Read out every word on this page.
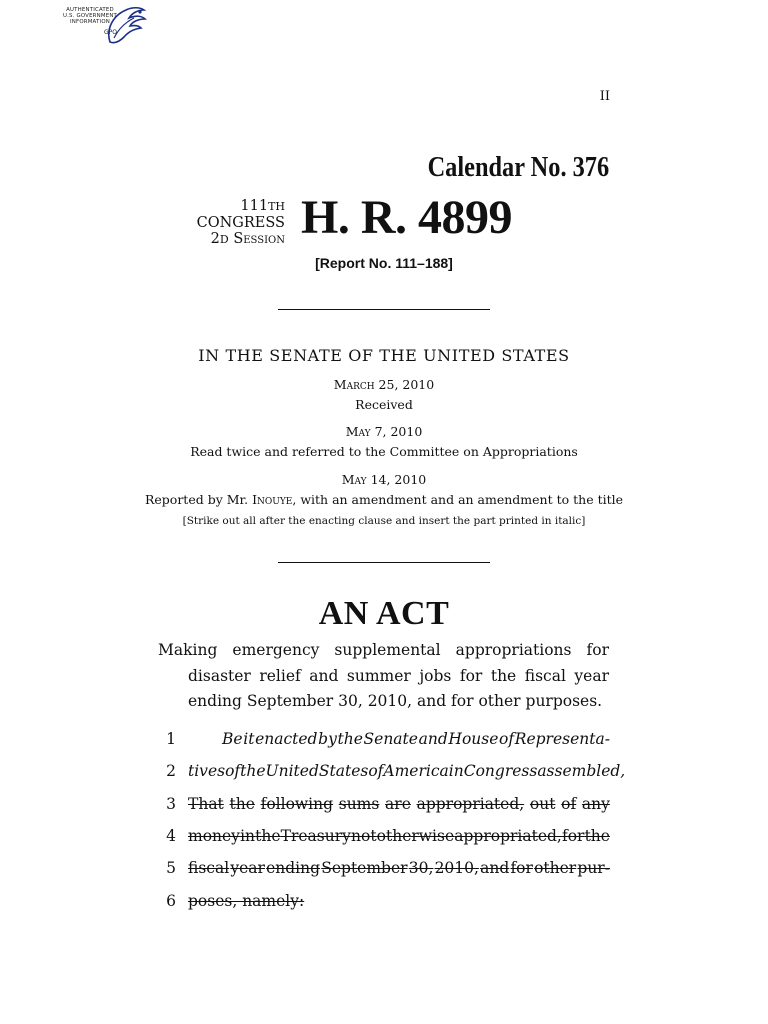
AUTHENTICATED
U.S. GOVERNMENT
INFORMATION
GPO
II
Calendar No. 376
111TH CONGRESS
2D Session H. R. 4899
[Report No. 111–188]
IN THE SENATE OF THE UNITED STATES
March 25, 2010
Received
May 7, 2010
Read twice and referred to the Committee on Appropriations
May 14, 2010
Reported by Mr. Inouye, with an amendment and an amendment to the title
[Strike out all after the enacting clause and insert the part printed in italic]
AN ACT
Making emergency supplemental appropriations for disaster relief and summer jobs for the fiscal year ending September 30, 2010, and for other purposes.
1	Be it enacted by the Senate and House of Representa-
2 tives of the United States of America in Congress assembled,
3 That the following sums are appropriated, out of any
4 money in the Treasury not otherwise appropriated, for the
5 fiscal year ending September 30, 2010, and for other pur-
6 poses, namely:
